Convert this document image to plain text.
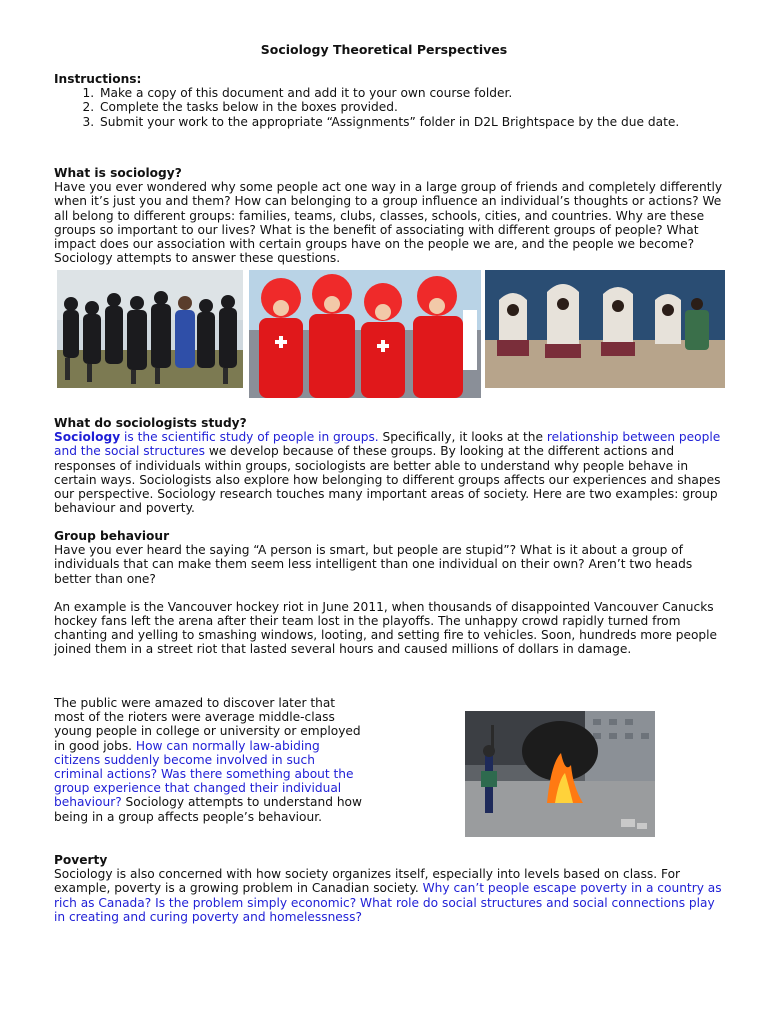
Sociology Theoretical Perspectives
Instructions:
1. Make a copy of this document and add it to your own course folder.
2. Complete the tasks below in the boxes provided.
3. Submit your work to the appropriate “Assignments” folder in D2L Brightspace by the due date.
What is sociology?

Have you ever wondered why some people act one way in a large group of friends and completely differently when it’s just you and them? How can belonging to a group influence an individual’s thoughts or actions? We all belong to different groups: families, teams, clubs, classes, schools, cities, and countries. Why are these groups so important to our lives? What is the benefit of associating with different groups of people? What impact does our association with certain groups have on the people we are, and the people we become? Sociology attempts to answer these questions.

What do sociologists study?

Sociology is the scientific study of people in groups. Specifically, it looks at the relationship between people and the social structures we develop because of these groups. By looking at the different actions and responses of individuals within groups, sociologists are better able to understand why people behave in certain ways. Sociologists also explore how belonging to different groups affects our experiences and shapes our perspective. Sociology research touches many important areas of society. Here are two examples: group behaviour and poverty.

Group behaviour

Have you ever heard the saying “A person is smart, but people are stupid”? What is it about a group of individuals that can make them seem less intelligent than one individual on their own? Aren’t two heads better than one?

An example is the Vancouver hockey riot in June 2011, when thousands of disappointed Vancouver Canucks hockey fans left the arena after their team lost in the playoffs. The unhappy crowd rapidly turned from chanting and yelling to smashing windows, looting, and setting fire to vehicles. Soon, hundreds more people joined them in a street riot that lasted several hours and caused millions of dollars in damage.

The public were amazed to discover later that most of the rioters were average middle-class young people in college or university or employed in good jobs. How can normally law-abiding citizens suddenly become involved in such criminal actions? Was there something about the group experience that changed their individual behaviour? Sociology attempts to understand how being in a group affects people’s behaviour.

Poverty

Sociology is also concerned with how society organizes itself, especially into levels based on class. For example, poverty is a growing problem in Canadian society. Why can’t people escape poverty in a country as rich as Canada? Is the problem simply economic? What role do social structures and social connections play in creating and curing poverty and homelessness?
